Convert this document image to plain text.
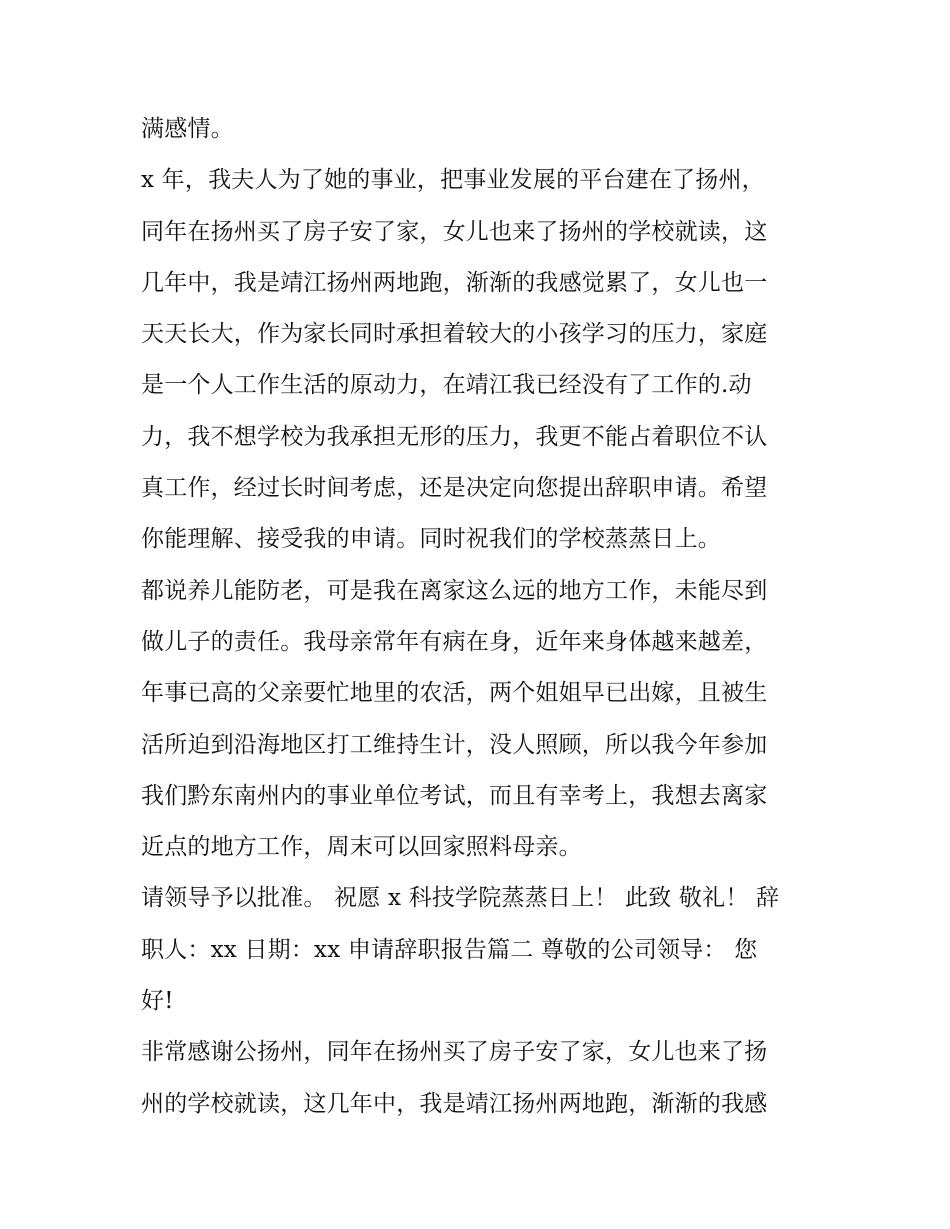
满感情。
x 年，我夫人为了她的事业，把事业发展的平台建在了扬州，
同年在扬州买了房子安了家，女儿也来了扬州的学校就读，这
几年中，我是靖江扬州两地跑，渐渐的我感觉累了，女儿也一
天天长大，作为家长同时承担着较大的小孩学习的压力，家庭
是一个人工作生活的原动力，在靖江我已经没有了工作的.动
力，我不想学校为我承担无形的压力，我更不能占着职位不认
真工作，经过长时间考虑，还是决定向您提出辞职申请。希望
你能理解、接受我的申请。同时祝我们的学校蒸蒸日上。
都说养儿能防老，可是我在离家这么远的地方工作，未能尽到
做儿子的责任。我母亲常年有病在身，近年来身体越来越差，
年事已高的父亲要忙地里的农活，两个姐姐早已出嫁，且被生
活所迫到沿海地区打工维持生计，没人照顾，所以我今年参加
我们黔东南州内的事业单位考试，而且有幸考上，我想去离家
近点的地方工作，周末可以回家照料母亲。
请领导予以批准。 祝愿 x 科技学院蒸蒸日上！ 此致 敬礼！ 辞
职人：xx 日期：xx 申请辞职报告篇二 尊敬的公司领导： 您
好!
非常感谢公扬州，同年在扬州买了房子安了家，女儿也来了扬
州的学校就读，这几年中，我是靖江扬州两地跑，渐渐的我感
